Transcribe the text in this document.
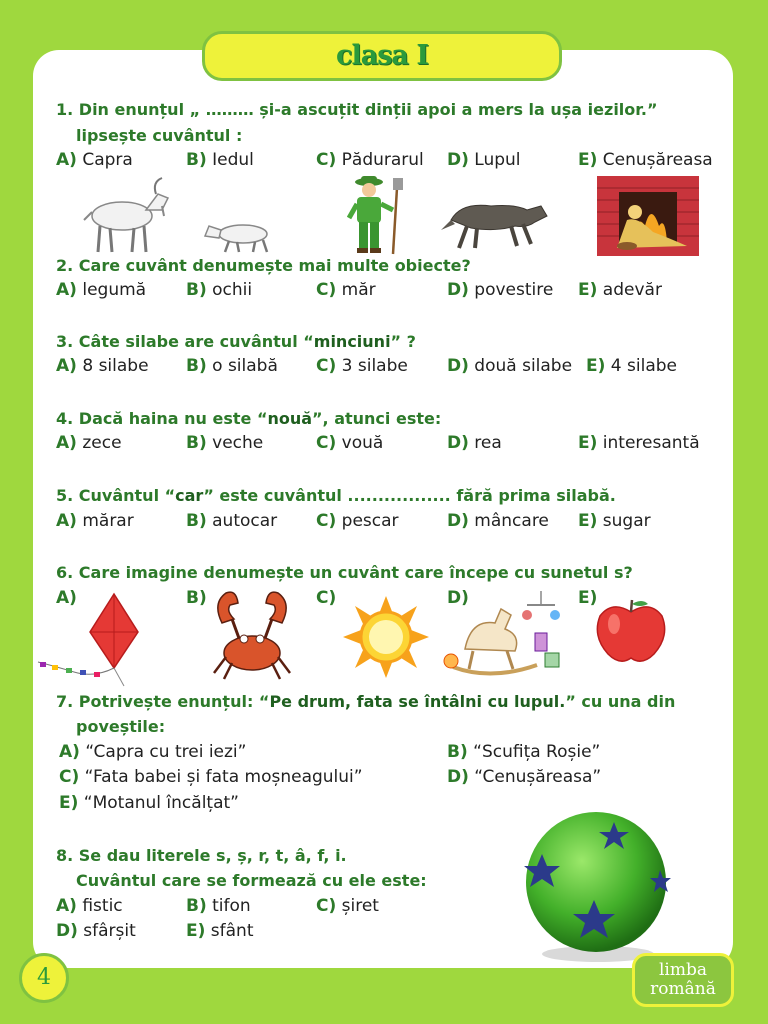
clasa I
1. Din enunțul „ ……… și-a ascuțit dinții apoi a mers la ușa iezilor.”
lipsește cuvântul :
A) Capra	B) Iedul	C) Pădurarul D) Lupul	E) Cenușăreasa
2. Care cuvânt denumește mai multe obiecte?
A) legumă B) ochii	C) măr	D) povestire E) adevăr
3. Câte silabe are cuvântul “minciuni” ?
A) 8 silabe B) o silabă C) 3 silabe D) două silabe E) 4 silabe
4. Dacă haina nu este “nouă”, atunci este:
A) zece	B) veche	C) vouă	D) rea	E) interesantă
5. Cuvântul “car” este cuvântul ................. fără prima silabă.
A) mărar	B) autocar C) pescar	D) mâncare E) sugar
6. Care imagine denumește un cuvânt care începe cu sunetul s?
A)	B)	C)	D)	E)
7. Potrivește enunțul: “Pe drum, fata se întâlni cu lupul.” cu una din
poveștile:
A) “Capra cu trei iezi”	B) “Scufița Roșie”
C) “Fata babei și fata moșneagului”	D) “Cenușăreasa”
E) “Motanul încălțat”
8. Se dau literele s, ș, r, t, â, f, i.
Cuvântul care se formează cu ele este:
A) fistic	B) tifon	C) șiret
D) sfârșit	E) sfânt
4	limba
română
